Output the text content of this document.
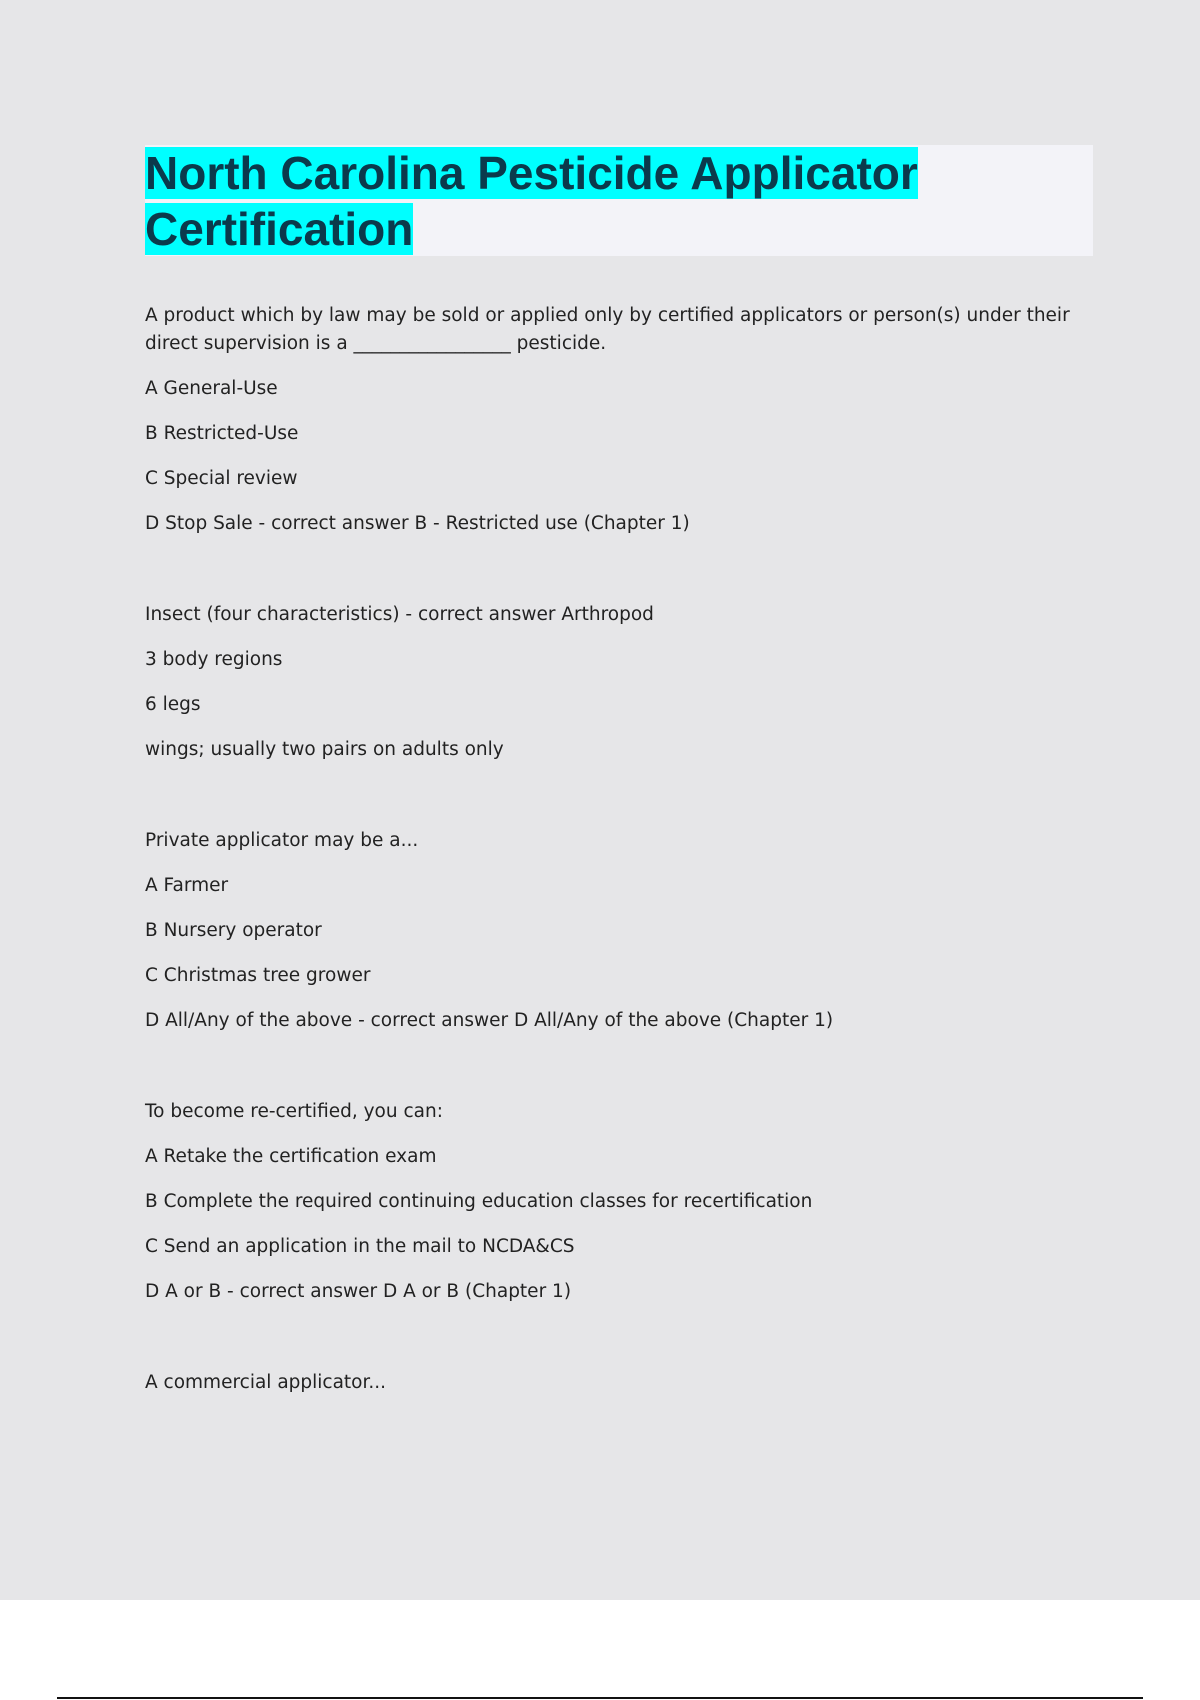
North Carolina Pesticide Applicator
Certification

A product which by law may be sold or applied only by certified applicators or person(s) under their direct supervision is a _________________ pesticide.

A General-Use

B Restricted-Use

C Special review

D Stop Sale - correct answer B - Restricted use (Chapter 1)

Insect (four characteristics) - correct answer Arthropod

3 body regions

6 legs

wings; usually two pairs on adults only

Private applicator may be a...

A Farmer

B Nursery operator

C Christmas tree grower

D All/Any of the above - correct answer D All/Any of the above (Chapter 1)

To become re-certified, you can:

A Retake the certification exam

B Complete the required continuing education classes for recertification

C Send an application in the mail to NCDA&CS

D A or B - correct answer D A or B (Chapter 1)

A commercial applicator...
